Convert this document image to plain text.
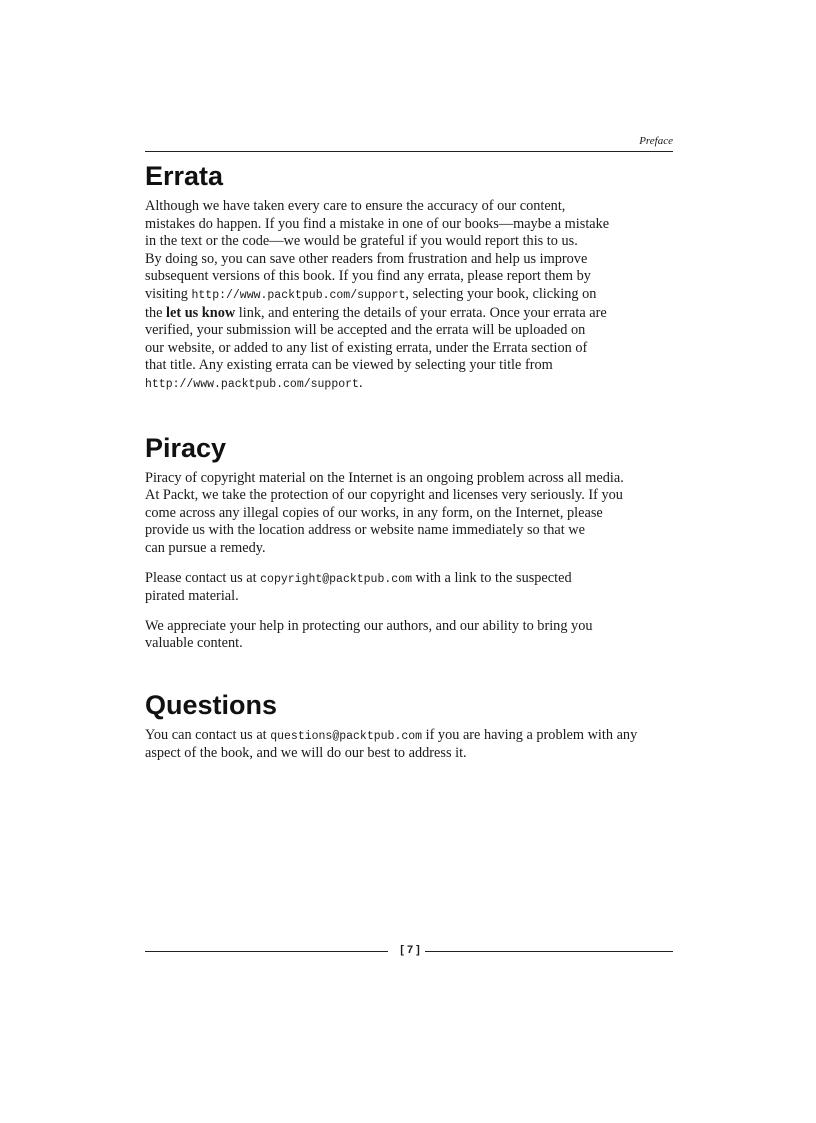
Preface
Errata

Although we have taken every care to ensure the accuracy of our content,
mistakes do happen. If you find a mistake in one of our books—maybe a mistake
in the text or the code—we would be grateful if you would report this to us.
By doing so, you can save other readers from frustration and help us improve
subsequent versions of this book. If you find any errata, please report them by
visiting http://www.packtpub.com/support, selecting your book, clicking on
the let us know link, and entering the details of your errata. Once your errata are
verified, your submission will be accepted and the errata will be uploaded on
our website, or added to any list of existing errata, under the Errata section of
that title. Any existing errata can be viewed by selecting your title from
http://www.packtpub.com/support.

Piracy

Piracy of copyright material on the Internet is an ongoing problem across all media.
At Packt, we take the protection of our copyright and licenses very seriously. If you
come across any illegal copies of our works, in any form, on the Internet, please
provide us with the location address or website name immediately so that we
can pursue a remedy.

Please contact us at copyright@packtpub.com with a link to the suspected
pirated material.

We appreciate your help in protecting our authors, and our ability to bring you
valuable content.

Questions

You can contact us at questions@packtpub.com if you are having a problem with any
aspect of the book, and we will do our best to address it.

[ 7 ]
